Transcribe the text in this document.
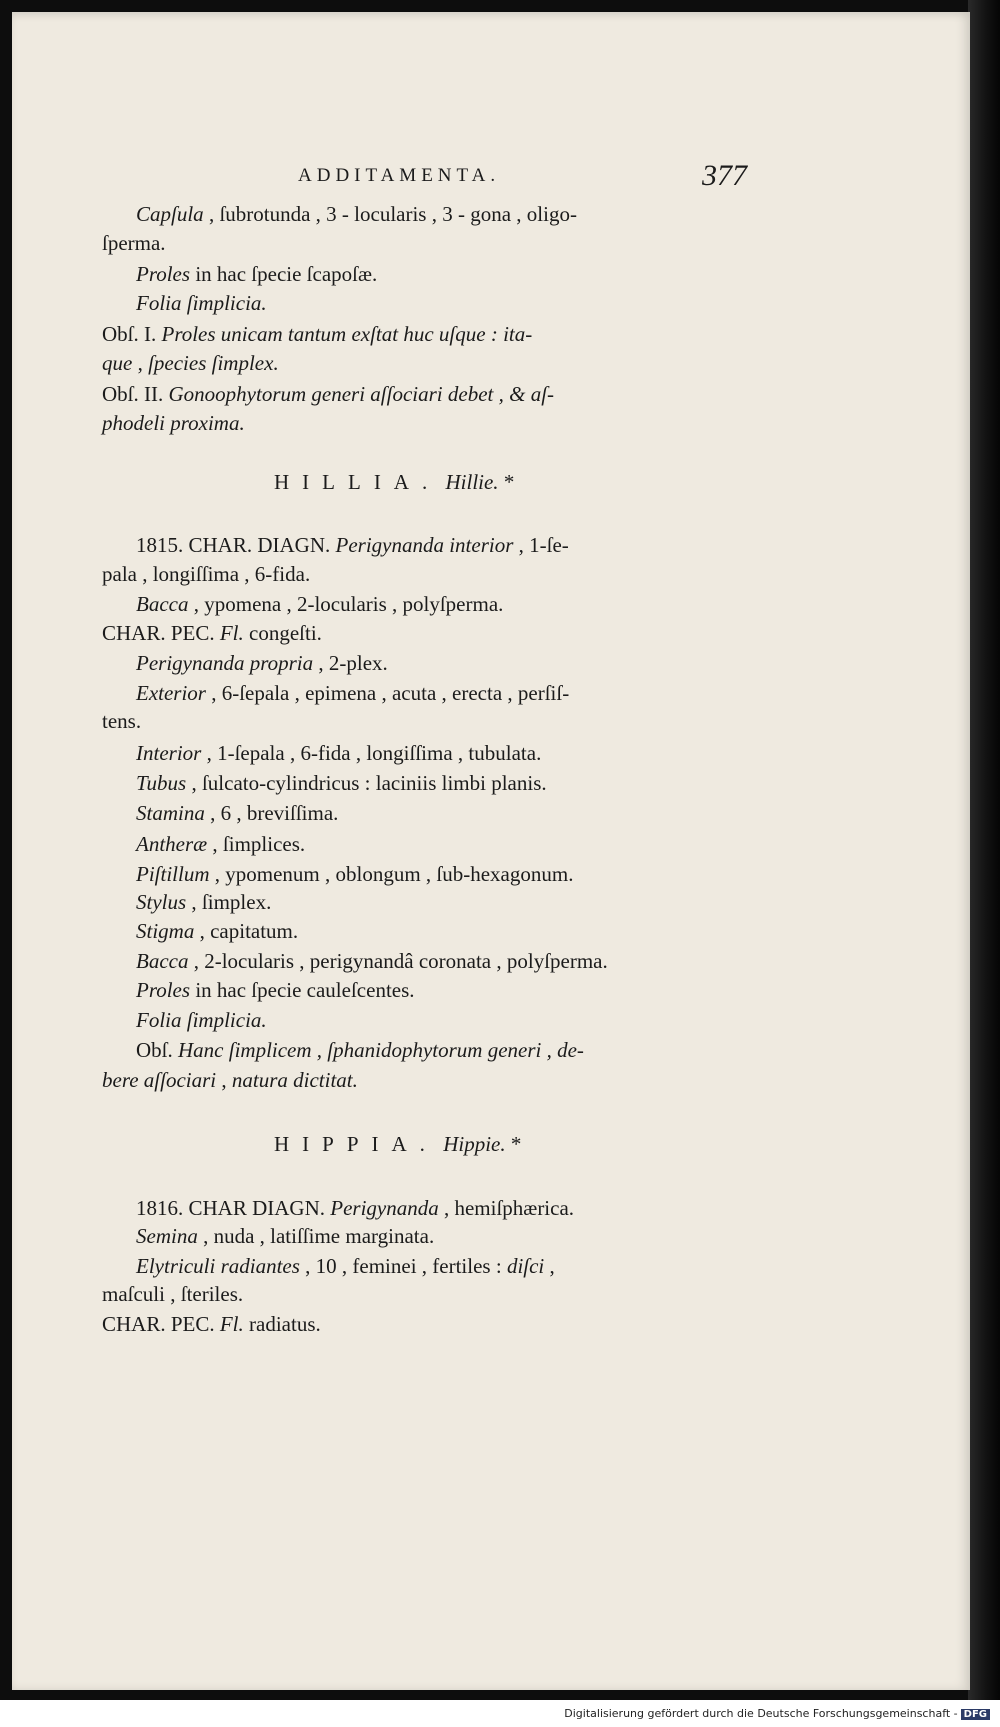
ADDITAMENTA.	377
Capſula , ſubrotunda , 3 - locularis , 3 - gona , oligo-
ſperma.
Proles in hac ſpecie ſcapoſæ.
Folia ſimplicia.
Obſ. I. Proles unicam tantum exſtat huc uſque : ita-
que , ſpecies ſimplex.
Obſ. II. Gonoophytorum generi aſſociari debet , & aſ-
phodeli proxima.
HILLIA. Hillie. *
1815. CHAR. DIAGN. Perigynanda interior , 1-ſe-
pala , longiſſima , 6-fida.
Bacca , ypomena , 2-locularis , polyſperma.
CHAR. PEC. Fl. congeſti.
Perigynanda propria , 2-plex.
Exterior , 6-ſepala , epimena , acuta , erecta , perſiſ-
tens.
Interior , 1-ſepala , 6-fida , longiſſima , tubulata.
Tubus , ſulcato-cylindricus : laciniis limbi planis.
Stamina , 6 , breviſſima.
Antheræ , ſimplices.
Piſtillum , ypomenum , oblongum , ſub-hexagonum.
Stylus , ſimplex.
Stigma , capitatum.
Bacca , 2-locularis , perigynandâ coronata , polyſperma.
Proles in hac ſpecie cauleſcentes.
Folia ſimplicia.
Obſ. Hanc ſimplicem , ſphanidophytorum generi , de-
bere aſſociari , natura dictitat.
HIPPIA. Hippie. *
1816. CHAR DIAGN. Perigynanda , hemiſphærica.
Semina , nuda , latiſſime marginata.
Elytriculi radiantes , 10 , feminei , fertiles : diſci ,
maſculi , ſteriles.
CHAR. PEC. Fl. radiatus.
Digitalisierung gefördert durch die Deutsche Forschungsgemeinschaft - DFG
